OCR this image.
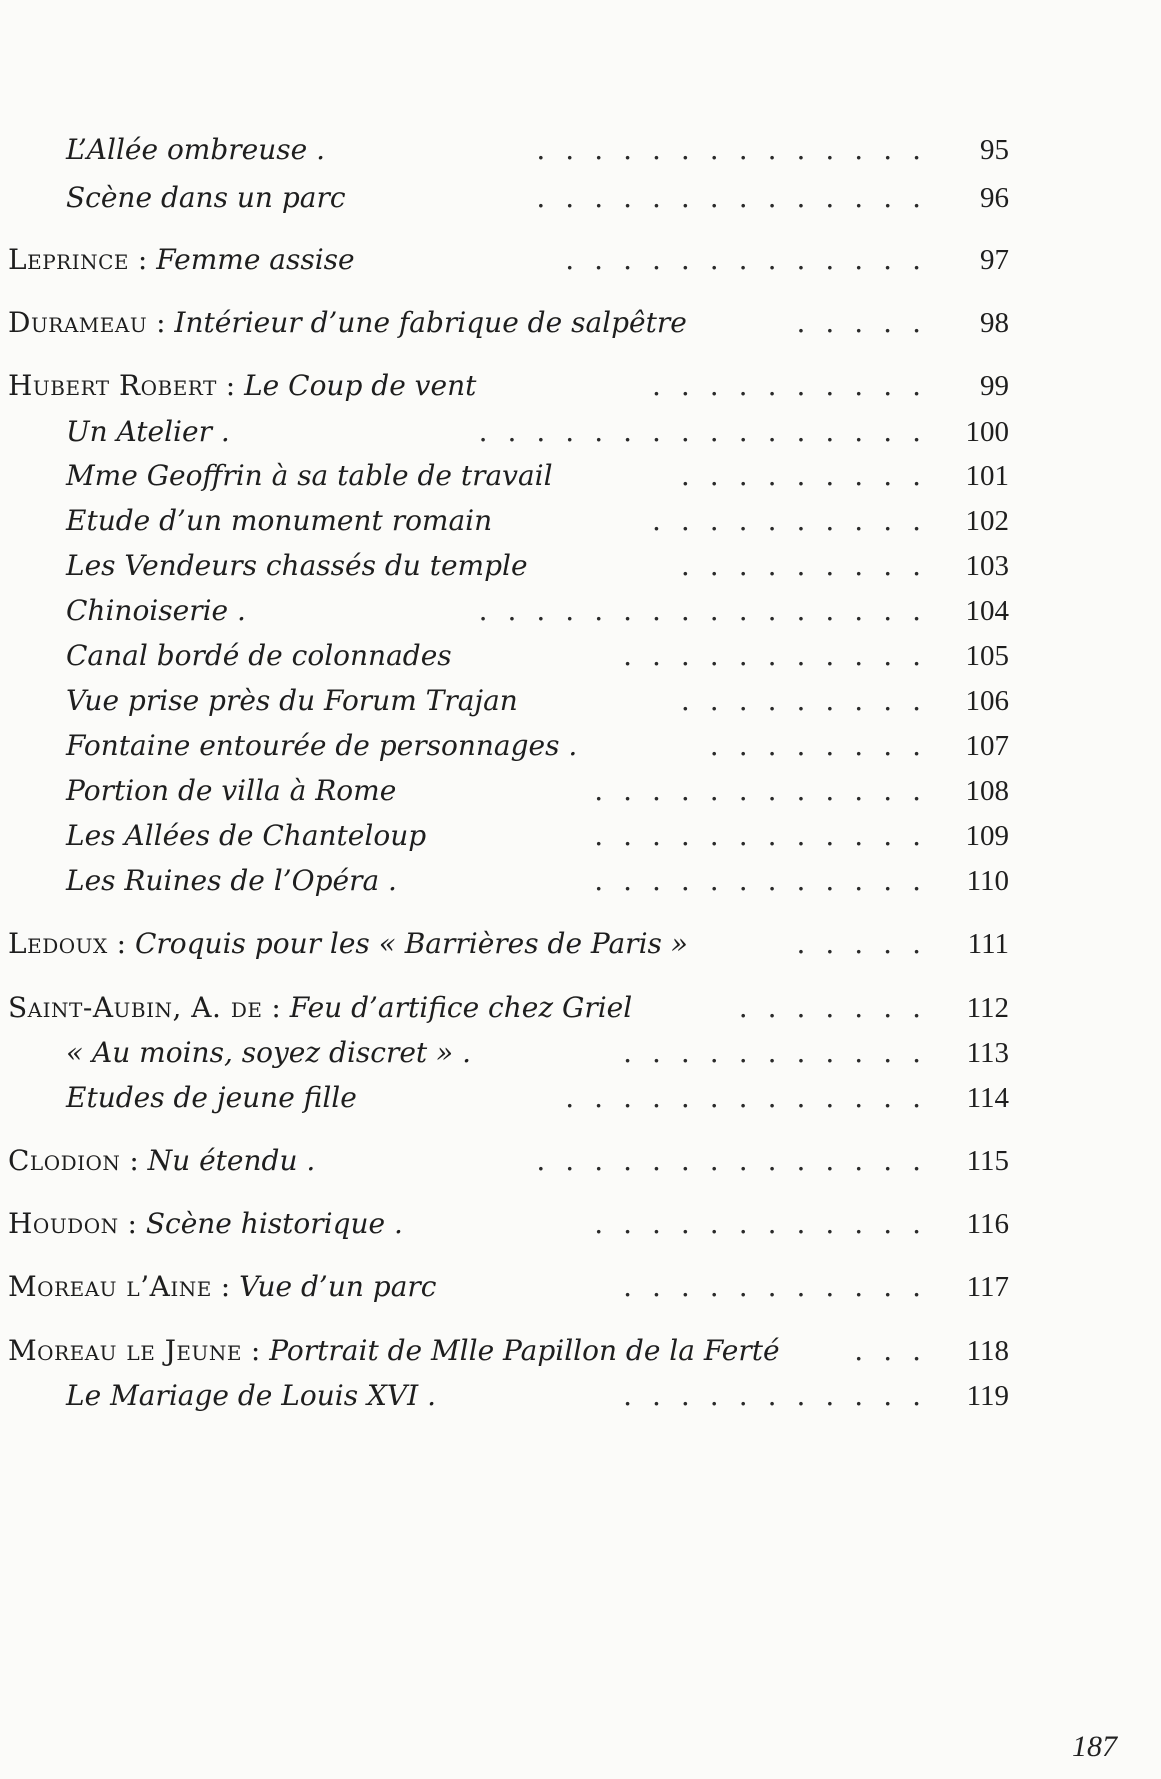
L’Allée ombreuse .	95
..............
Scène dans un parc	96
..............
Leprince : Femme assise	97
.............
Durameau : Intérieur d’une fabrique de salpêtre	98
.....
Hubert Robert : Le Coup de vent	99
..........
Un Atelier .	100
................
Mme Geoffrin à sa table de travail	101
.........
Etude d’un monument romain	102
..........
Les Vendeurs chassés du temple	103
.........
Chinoiserie .	104
................
Canal bordé de colonnades	105
...........
Vue prise près du Forum Trajan	106
.........
Fontaine entourée de personnages .	107
........
Portion de villa à Rome	108
............
Les Allées de Chanteloup	109
............
Les Ruines de l’Opéra .	110
............
Ledoux : Croquis pour les « Barrières de Paris »	111
.....
Saint-Aubin, A. de : Feu d’artifice chez Griel	112
.......
« Au moins, soyez discret » .	113
...........
Etudes de jeune fille	114
.............
Clodion : Nu étendu .	115
..............
Houdon : Scène historique .	116
............
Moreau l’Aine : Vue d’un parc	117
...........
Moreau le Jeune : Portrait de Mlle Papillon de la Ferté	118
...
Le Mariage de Louis XVI .	119
...........
187
